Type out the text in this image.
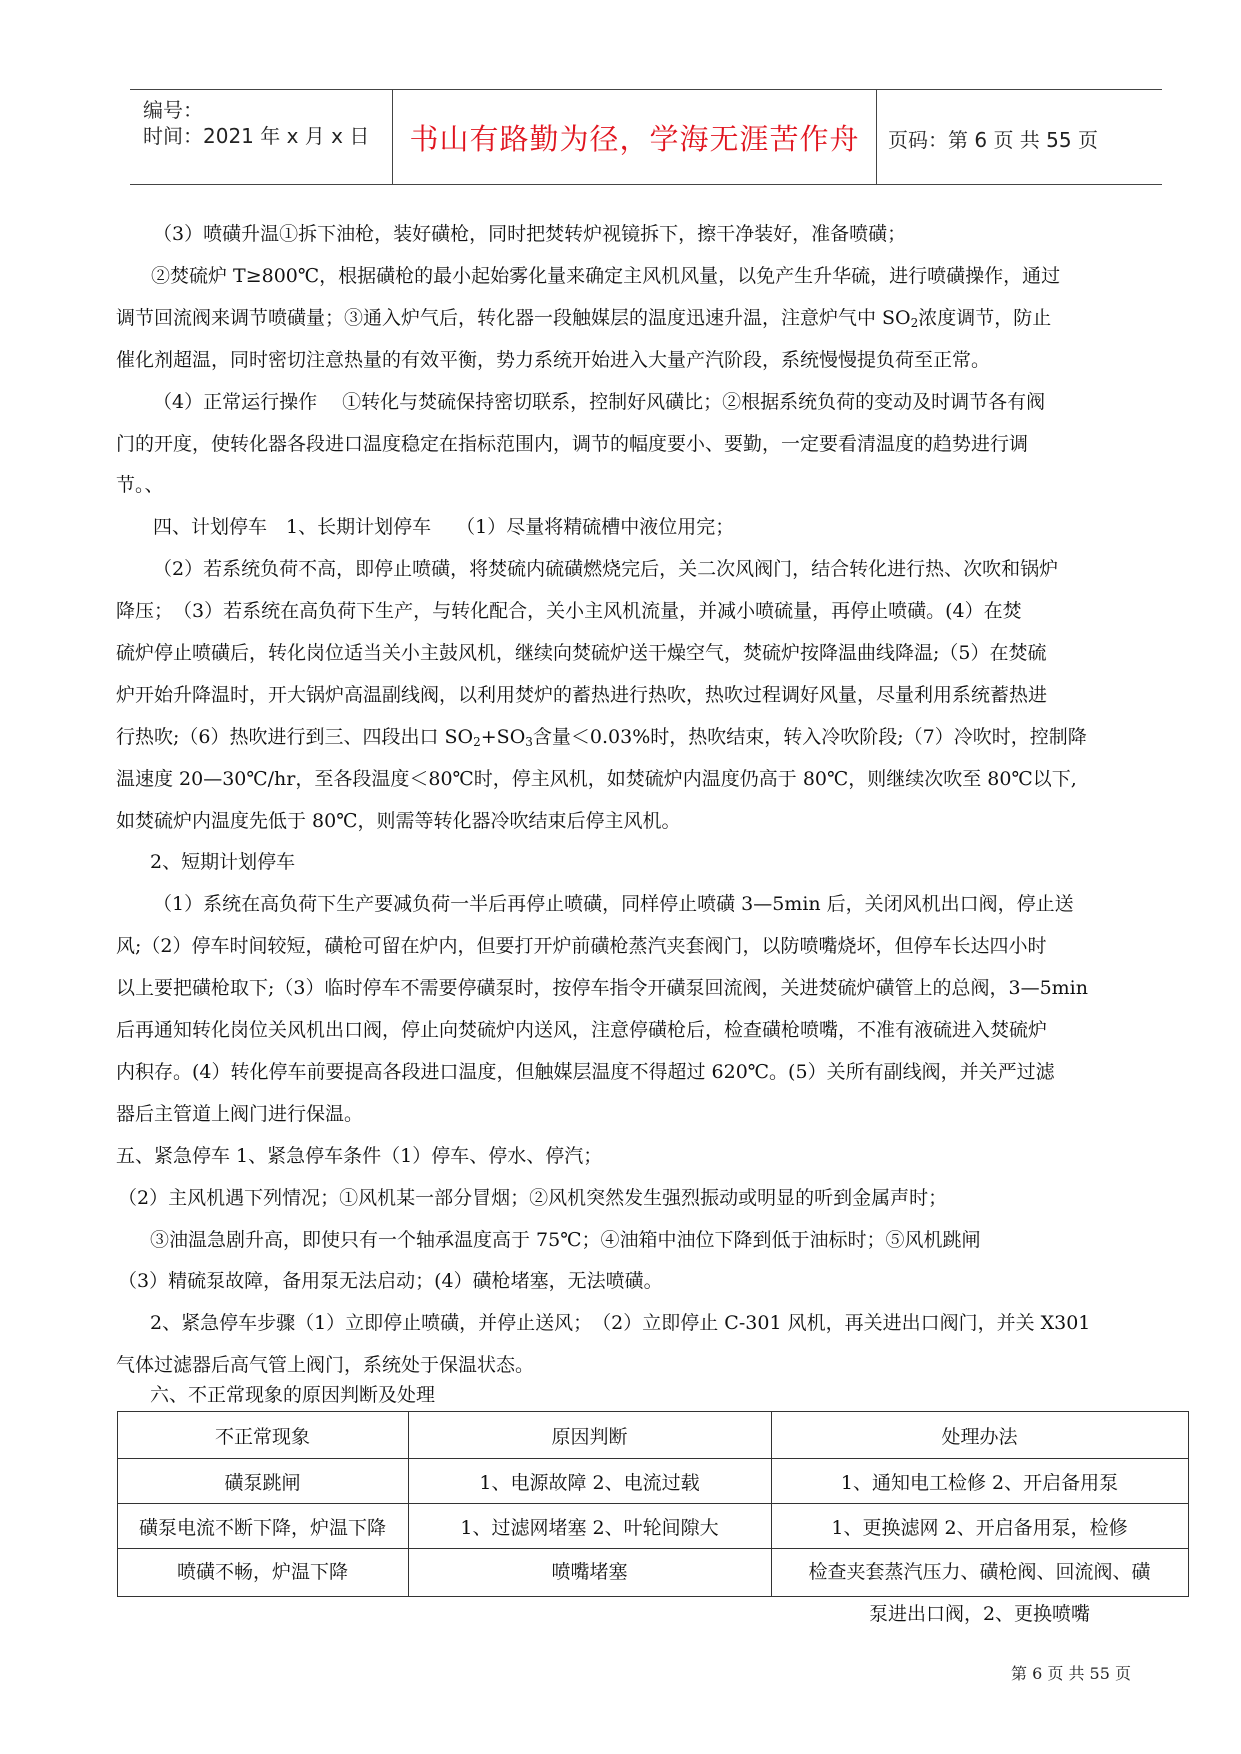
编号：
时间：2021 年 x 月 x 日	书山有路勤为径，学海无涯苦作舟	页码：第 6 页 共 55 页
（3）喷磺升温①拆下油枪，装好磺枪，同时把焚转炉视镜拆下，擦干净装好，准备喷磺；
②焚硫炉 T≥800℃，根据磺枪的最小起始雾化量来确定主风机风量，以免产生升华硫，进行喷磺操作，通过
调节回流阀来调节喷磺量；③通入炉气后，转化器一段触媒层的温度迅速升温，注意炉气中 $SO_2$浓度调节，防止
催化剂超温，同时密切注意热量的有效平衡，势力系统开始进入大量产汽阶段，系统慢慢提负荷至正常。
（4）正常运行操作　 ①转化与焚硫保持密切联系，控制好风磺比；②根据系统负荷的变动及时调节各有阀
门的开度，使转化器各段进口温度稳定在指标范围内，调节的幅度要小、要勤，一定要看清温度的趋势进行调
节。、
四、计划停车　1、长期计划停车　 （1）尽量将精硫槽中液位用完；
（2）若系统负荷不高，即停止喷磺，将焚硫内硫磺燃烧完后，关二次风阀门，结合转化进行热、次吹和锅炉
降压；　（3）若系统在高负荷下生产，与转化配合，关小主风机流量，并减小喷硫量，再停止喷磺。(4）在焚
硫炉停止喷磺后，转化岗位适当关小主鼓风机，继续向焚硫炉送干燥空气，焚硫炉按降温曲线降温;（5）在焚硫
炉开始升降温时，开大锅炉高温副线阀，以利用焚炉的蓄热进行热吹，热吹过程调好风量，尽量利用系统蓄热进
行热吹;（6）热吹进行到三、四段出口 $SO_2+SO_3$含量＜0.03%时，热吹结束，转入冷吹阶段;（7）冷吹时，控制降
温速度 20—30℃/hr，至各段温度＜80℃时，停主风机，如焚硫炉内温度仍高于 80℃，则继续次吹至 80℃以下,
如焚硫炉内温度先低于 80℃，则需等转化器冷吹结束后停主风机。
2、短期计划停车
（1）系统在高负荷下生产要减负荷一半后再停止喷磺，同样停止喷磺 3—5min 后，关闭风机出口阀，停止送
风;（2）停车时间较短，磺枪可留在炉内，但要打开炉前磺枪蒸汽夹套阀门，以防喷嘴烧坏，但停车长达四小时
以上要把磺枪取下;（3）临时停车不需要停磺泵时，按停车指令开磺泵回流阀，关进焚硫炉磺管上的总阀，3—5min
后再通知转化岗位关风机出口阀，停止向焚硫炉内送风，注意停磺枪后，检查磺枪喷嘴，不准有液硫进入焚硫炉
内积存。(4）转化停车前要提高各段进口温度，但触媒层温度不得超过 620℃。(5）关所有副线阀，并关严过滤
器后主管道上阀门进行保温。
五、紧急停车 1、紧急停车条件（1）停车、停水、停汽；
（2）主风机遇下列情况；①风机某一部分冒烟；②风机突然发生强烈振动或明显的听到金属声时；
③油温急剧升高，即使只有一个轴承温度高于 75℃；④油箱中油位下降到低于油标时；⑤风机跳闸
（3）精硫泵故障，备用泵无法启动；(4）磺枪堵塞，无法喷磺。
2、紧急停车步骤（1）立即停止喷磺，并停止送风；　（2）立即停止 C-301 风机，再关进出口阀门，并关 X301
气体过滤器后高气管上阀门，系统处于保温状态。
六、不正常现象的原因判断及处理
不正常现象	原因判断	处理办法
磺泵跳闸	1、电源故障 2、电流过载	1、通知电工检修 2、开启备用泵
磺泵电流不断下降，炉温下降	1、过滤网堵塞 2、叶轮间隙大	1、更换滤网 2、开启备用泵，检修
喷磺不畅，炉温下降	喷嘴堵塞	检查夹套蒸汽压力、磺枪阀、回流阀、磺
泵进出口阀，2、更换喷嘴
第 6 页 共 55 页
